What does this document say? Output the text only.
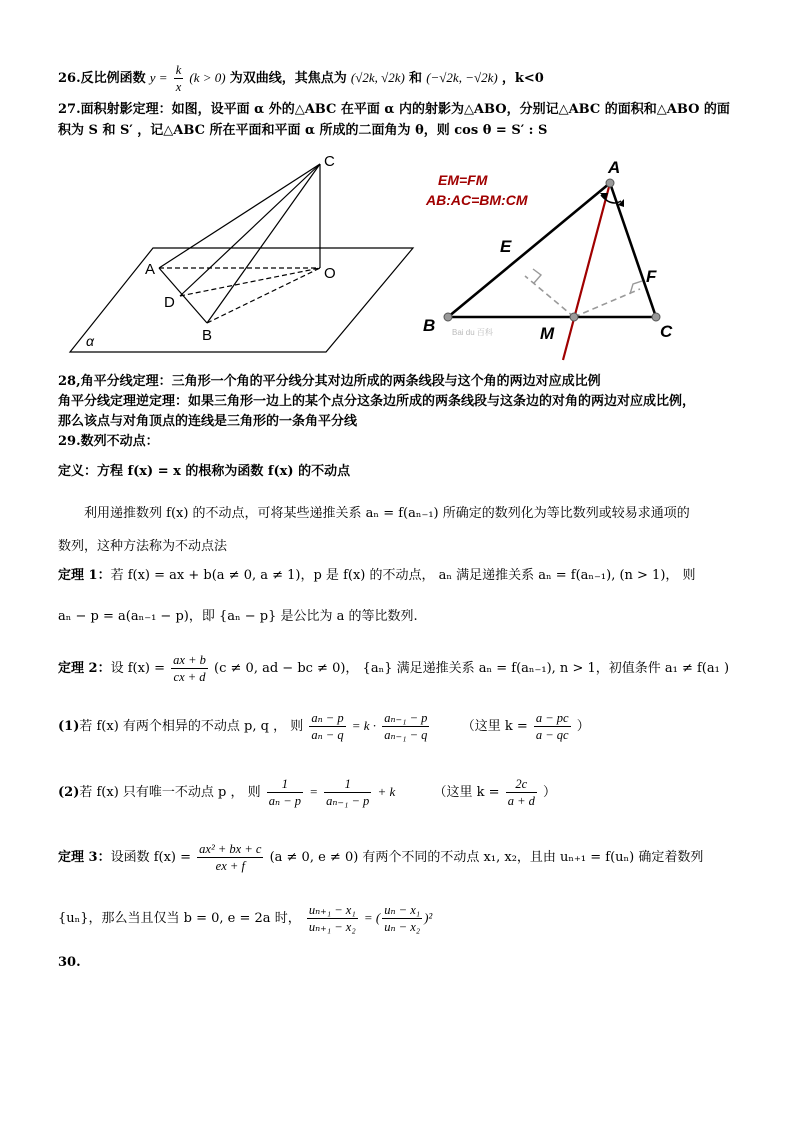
26.反比例函数 $y = \frac{k}{x} (k > 0)$ 为双曲线，其焦点为 (√2k, √2k) 和 (−√2k, −√2k) ，k<0
27.面积射影定理：如图，设平面 α 外的△ABC 在平面 α 内的射影为△ABO，分别记△ABC 的面积和△ABO 的面
积为 S 和 S′ ，记△ABC 所在平面和平面 α 所成的二面角为 θ，则 cos θ = S′ : S
C
A	O
D
B
α
EM=FM
AB:AC=BM:CM
A
B	C
E
F
M
Bai du 百科
28,角平分线定理：三角形一个角的平分线分其对边所成的两条线段与这个角的两边对应成比例
角平分线定理逆定理：如果三角形一边上的某个点分这条边所成的两条线段与这条边的对角的两边对应成比例，
那么该点与对角顶点的连线是三角形的一条角平分线
29.数列不动点：
定义：方程 f(x) = x 的根称为函数 f(x) 的不动点
利用递推数列 f(x) 的不动点，可将某些递推关系 aₙ = f(aₙ₋₁) 所确定的数列化为等比数列或较易求通项的
数列，这种方法称为不动点法
定理 1：若 f(x) = ax + b(a ≠ 0, a ≠ 1)，p 是 f(x) 的不动点， aₙ 满足递推关系 aₙ = f(aₙ₋₁), (n > 1)， 则
aₙ − p = a(aₙ₋₁ − p)，即 {aₙ − p} 是公比为 a 的等比数列.
定理 2：设 $f(x) = \frac{ax + b}{cx + d} (c \ne 0$, ad − bc ≠ 0)， {aₙ} 满足递推关系 aₙ = f(aₙ₋₁), n > 1，初值条件 a₁ ≠ f(a₁ )
(1)若 f(x) 有两个相异的不动点 p, q ， 则 $\frac{\text{aₙ − p}}{\text{aₙ − q}} = k \cdot \frac{\text{aₙ₋₁ − p}}{\text{aₙ₋₁ − q}}$ （这里 $k = \frac{a - pc}{a - qc}$ ）
(2)若 f(x) 只有唯一不动点 p ， 则 $\frac{1}{\text{aₙ − p}} = \frac{1}{\text{aₙ₋₁ − p}} + k$	（这里 $k = \frac{2c}{a + d}$ ）
定理 3：设函数 $f(x) = \frac{\text{ax² + bx + c}}{ex + f} (a \ne 0$, e ≠ 0) 有两个不同的不动点 x₁, x₂，且由 uₙ₊₁ = f(uₙ) 确定着数列
{uₙ}，那么当且仅当 b = 0, e = 2a 时， $\frac{\text{uₙ₊₁ − x₁}}{\text{uₙ₊₁ − x₂}}$ = ( $\frac{\text{uₙ − x₁}}{\text{uₙ − x₂}} )^2$
30.
